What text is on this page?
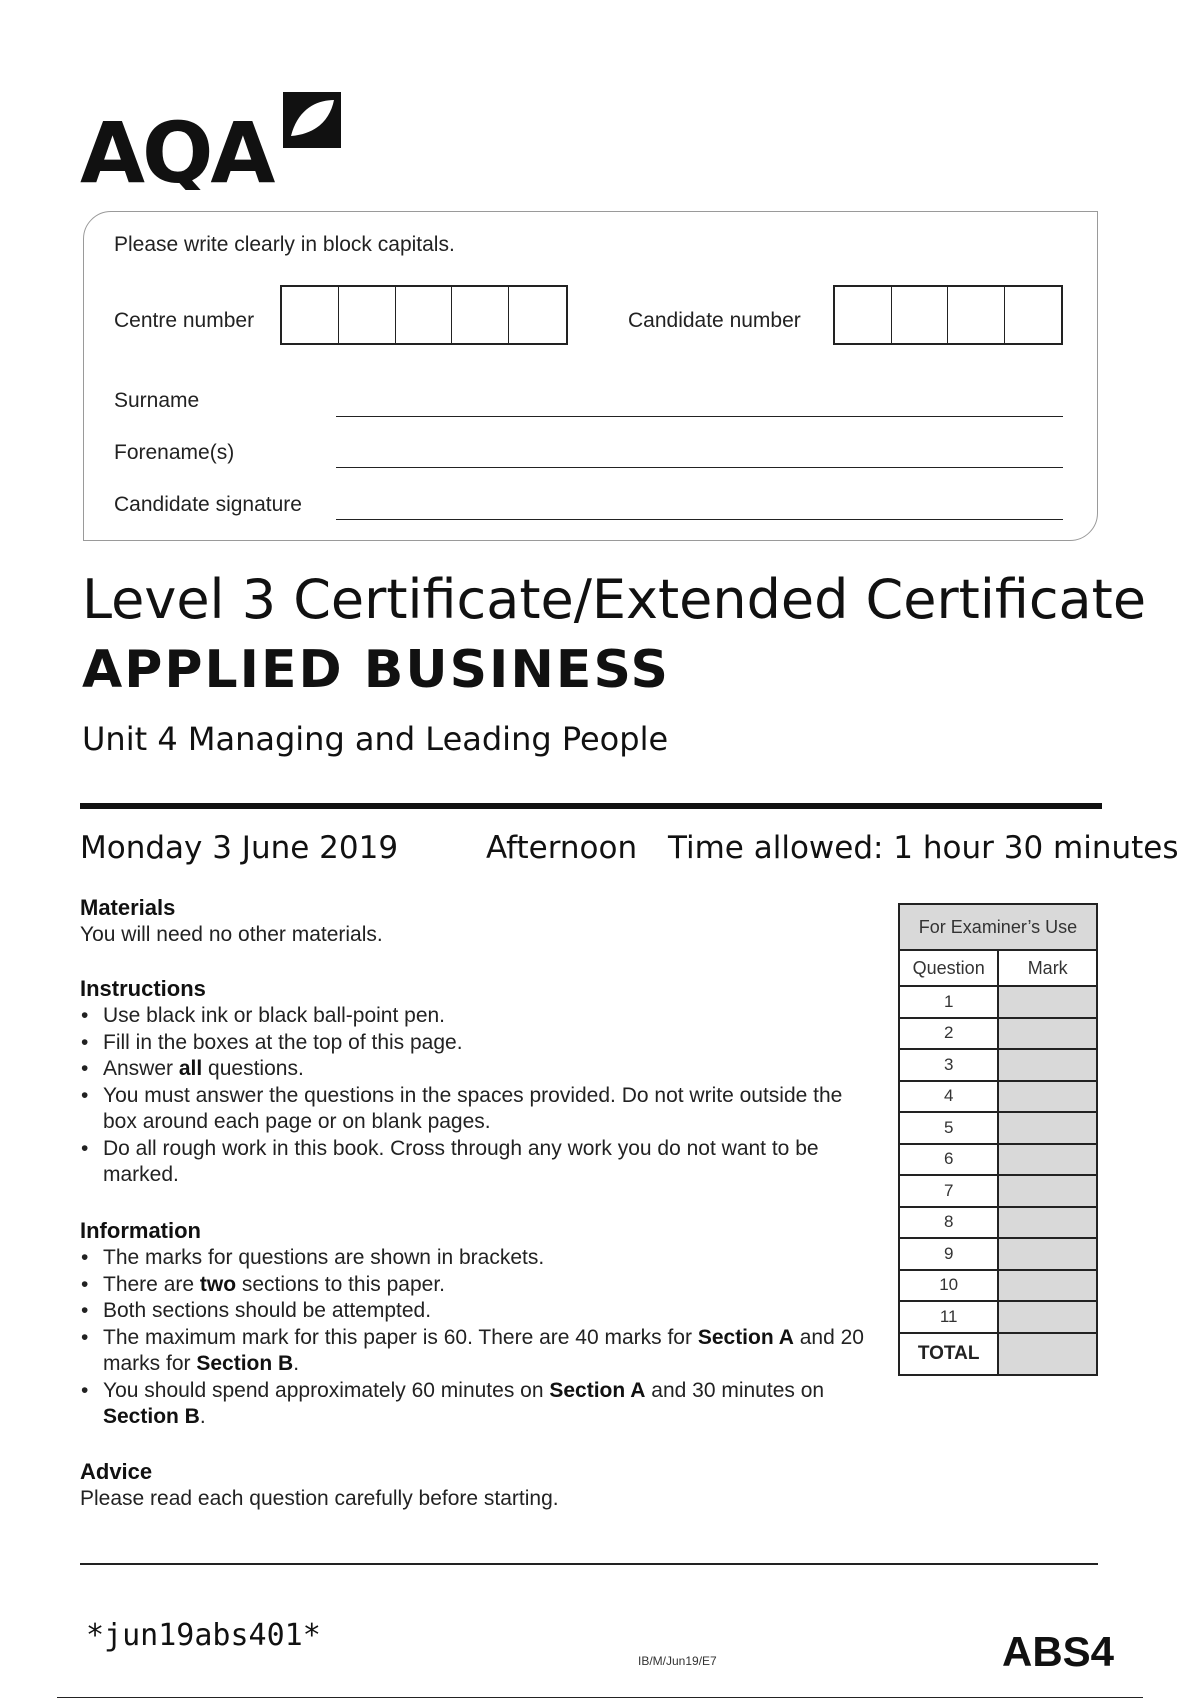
AQA
Please write clearly in block capitals.
Centre number	Candidate number
Surname
Forename(s)
Candidate signature
Level 3 Certificate/Extended Certificate
APPLIED BUSINESS
Unit 4 Managing and Leading People
Monday 3 June 2019	Afternoon Time allowed: 1 hour 30 minutes
Materials

You will need no other materials.

Instructions
• Use black ink or black ball-point pen.
• Fill in the boxes at the top of this page.
• Answer all questions.
• You must answer the questions in the spaces provided. Do not write outside the box around each page or on blank pages.
• Do all rough work in this book. Cross through any work you do not want to be marked.
Information
• The marks for questions are shown in brackets.
• There are two sections to this paper.
• Both sections should be attempted.
• The maximum mark for this paper is 60. There are 40 marks for Section A and 20 marks for Section B.
• You should spend approximately 60 minutes on Section A and 30 minutes on Section B.
Advice

Please read each question carefully before starting.

For Examiner’s Use	
Question	Mark
1	
2	
3	
4	
5	
6	
7	
8	
9	
10	
11	
TOTAL	
*jun19abs401*
IB/M/Jun19/E7	ABS4
